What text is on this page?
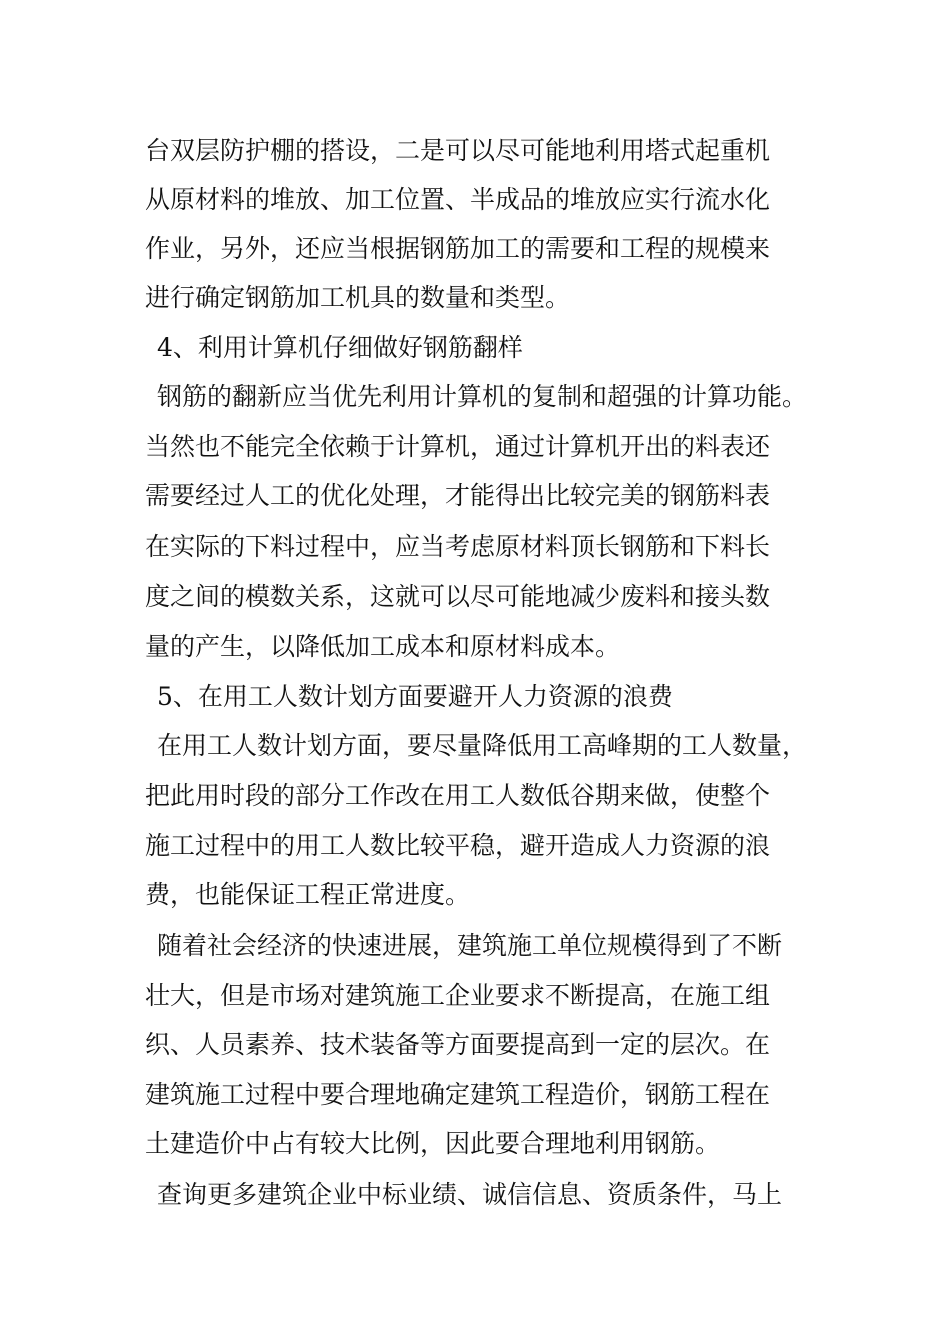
台双层防护棚的搭设，二是可以尽可能地利用塔式起重机
从原材料的堆放、加工位置、半成品的堆放应实行流水化
作业，另外，还应当根据钢筋加工的需要和工程的规模来
进行确定钢筋加工机具的数量和类型。
4、利用计算机仔细做好钢筋翻样
钢筋的翻新应当优先利用计算机的复制和超强的计算功能。
当然也不能完全依赖于计算机，通过计算机开出的料表还
需要经过人工的优化处理，才能得出比较完美的钢筋料表
在实际的下料过程中，应当考虑原材料顶长钢筋和下料长
度之间的模数关系，这就可以尽可能地减少废料和接头数
量的产生，以降低加工成本和原材料成本。
5、在用工人数计划方面要避开人力资源的浪费
在用工人数计划方面，要尽量降低用工高峰期的工人数量，
把此用时段的部分工作改在用工人数低谷期来做，使整个
施工过程中的用工人数比较平稳，避开造成人力资源的浪
费，也能保证工程正常进度。
随着社会经济的快速进展，建筑施工单位规模得到了不断
壮大，但是市场对建筑施工企业要求不断提高，在施工组
织、人员素养、技术装备等方面要提高到一定的层次。在
建筑施工过程中要合理地确定建筑工程造价，钢筋工程在
土建造价中占有较大比例，因此要合理地利用钢筋。
查询更多建筑企业中标业绩、诚信信息、资质条件，马上
